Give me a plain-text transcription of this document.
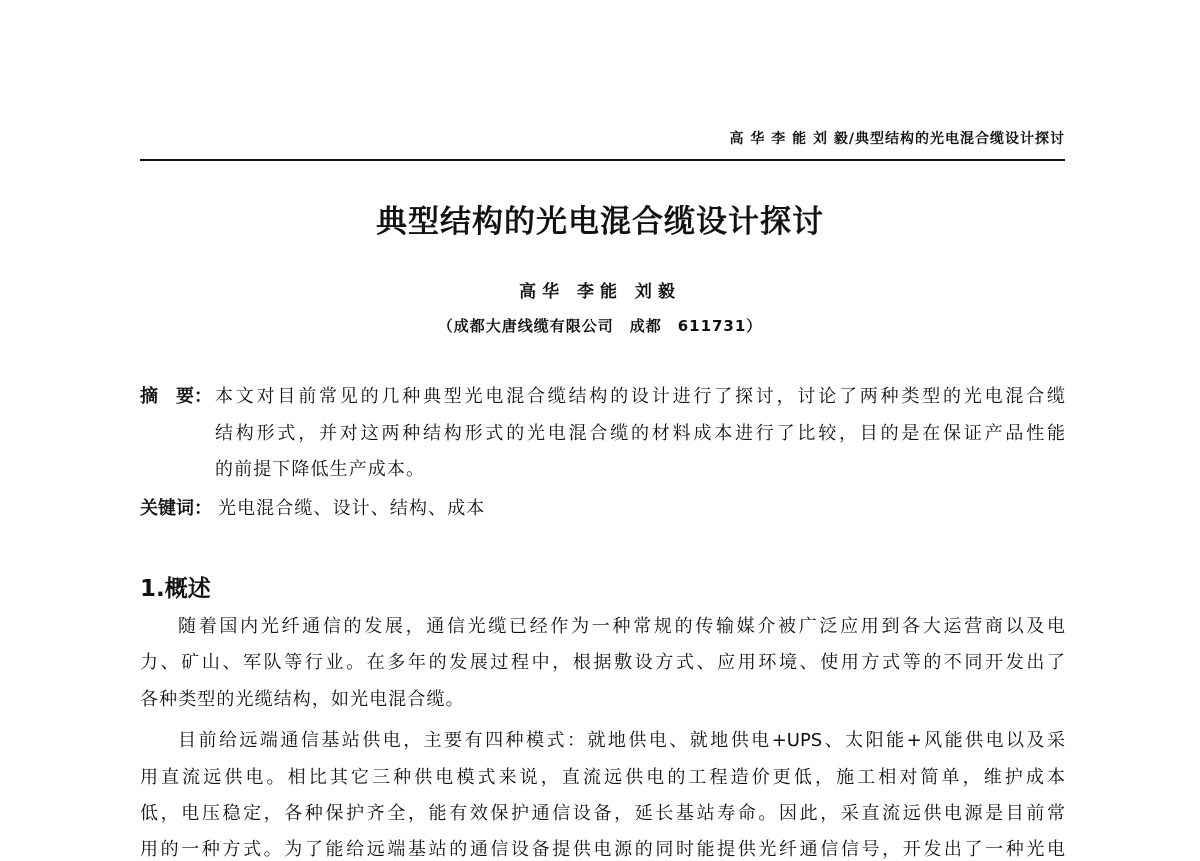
高 华 李 能 刘 毅/典型结构的光电混合缆设计探讨
典型结构的光电混合缆设计探讨
高华 李能 刘毅
（成都大唐线缆有限公司　成都　611731）
摘　要： 本文对目前常见的几种典型光电混合缆结构的设计进行了探讨，讨论了两种类型的光电混合缆
结构形式，并对这两种结构形式的光电混合缆的材料成本进行了比较，目的是在保证产品性能
的前提下降低生产成本。
关键词： 光电混合缆、设计、结构、成本
1.概述
随着国内光纤通信的发展，通信光缆已经作为一种常规的传输媒介被广泛应用到各大运营商以及电
力、矿山、军队等行业。在多年的发展过程中，根据敷设方式、应用环境、使用方式等的不同开发出了
各种类型的光缆结构，如光电混合缆。
目前给远端通信基站供电，主要有四种模式：就地供电、就地供电+UPS、太阳能+风能供电以及采
用直流远供电。相比其它三种供电模式来说，直流远供电的工程造价更低，施工相对简单，维护成本
低，电压稳定，各种保护齐全，能有效保护通信设备，延长基站寿命。因此，采直流远供电源是目前常
用的一种方式。为了能给远端基站的通信设备提供电源的同时能提供光纤通信信号，开发出了一种光电
